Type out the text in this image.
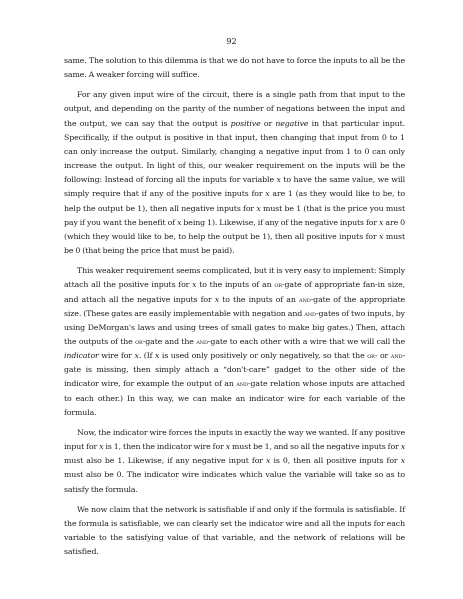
92

same. The solution to this dilemma is that we do not have to force the inputs to all be the same. A weaker forcing will suffice.

For any given input wire of the circuit, there is a single path from that input to the output, and depending on the parity of the number of negations between the input and the output, we can say that the output is positive or negative in that particular input. Specifically, if the output is positive in that input, then changing that input from 0 to 1 can only increase the output. Similarly, changing a negative input from 1 to 0 can only increase the output. In light of this, our weaker requirement on the inputs will be the following: Instead of forcing all the inputs for variable x to have the same value, we will simply require that if any of the positive inputs for x are 1 (as they would like to be, to help the output be 1), then all negative inputs for x must be 1 (that is the price you must pay if you want the benefit of x being 1). Likewise, if any of the negative inputs for x are 0 (which they would like to be, to help the output be 1), then all positive inputs for x must be 0 (that being the price that must be paid).

This weaker requirement seems complicated, but it is very easy to implement: Simply attach all the positive inputs for x to the inputs of an or-gate of appropriate fan-in size, and attach all the negative inputs for x to the inputs of an and-gate of the appropriate size. (These gates are easily implementable with negation and and-gates of two inputs, by using DeMorgan's laws and using trees of small gates to make big gates.) Then, attach the outputs of the or-gate and the and-gate to each other with a wire that we will call the indicator wire for x. (If x is used only positively or only negatively, so that the or- or and-gate is missing, then simply attach a “don't-care” gadget to the other side of the indicator wire, for example the output of an and-gate relation whose inputs are attached to each other.) In this way, we can make an indicator wire for each variable of the formula.

Now, the indicator wire forces the inputs in exactly the way we wanted. If any positive input for x is 1, then the indicator wire for x must be 1, and so all the negative inputs for x must also be 1. Likewise, if any negative input for x is 0, then all positive inputs for x must also be 0. The indicator wire indicates which value the variable will take so as to satisfy the formula.

We now claim that the network is satisfiable if and only if the formula is satisfiable. If the formula is satisfiable, we can clearly set the indicator wire and all the inputs for each variable to the satisfying value of that variable, and the network of relations will be satisfied.
